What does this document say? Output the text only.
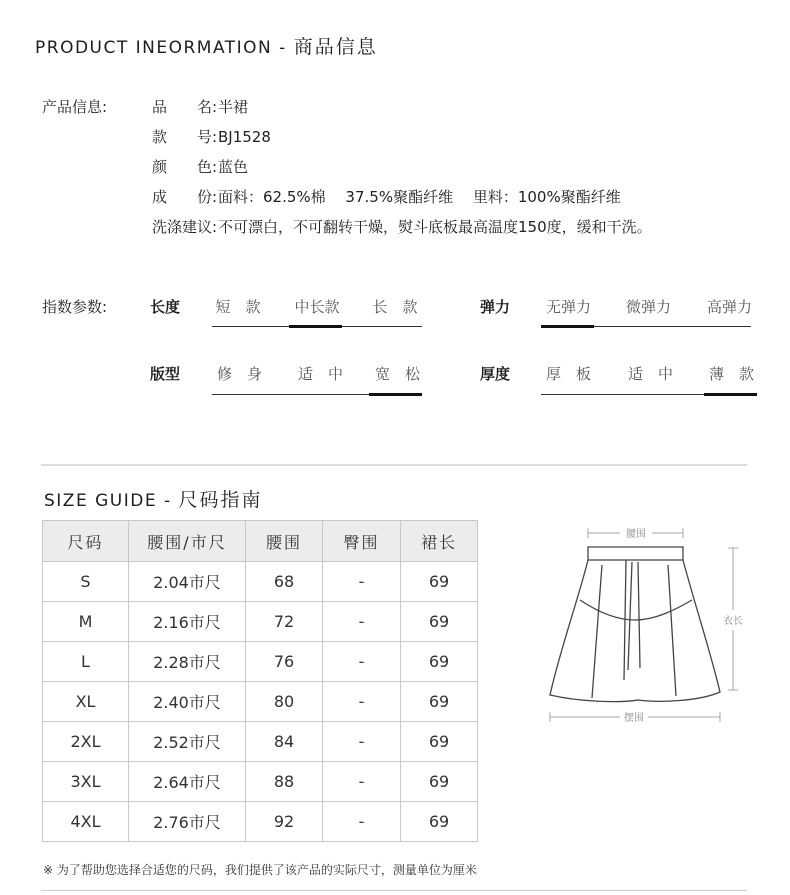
PRODUCT INEORMATION - 商品信息
产品信息:	品　　名:半裙
款　　号:BJ1528
颜　　色:蓝色
成　　份:面料：62.5%棉　 37.5%聚酯纤维　 里料：100%聚酯纤维
洗涤建议:不可漂白，不可翻转干燥，熨斗底板最高温度150度，缓和干洗。
指数参数:	长度 短　款	中长款	长　款	弹力	无弹力	微弹力	高弹力
版型	修　身	适　中	宽　松	厚度	厚　板	适　中	薄　款
SIZE GUIDE - 尺码指南
尺码	腰围/市尺	腰围	臀围	裙长
S	2.04市尺	68	-	69
M	2.16市尺	72	-	69
L	2.28市尺	76	-	69
XL	2.40市尺	80	-	69
2XL	2.52市尺	84	-	69
3XL	2.64市尺	88	-	69
4XL	2.76市尺	92	-	69
腰围
衣长
摆围
※ 为了帮助您选择合适您的尺码，我们提供了该产品的实际尺寸，测量单位为厘米
